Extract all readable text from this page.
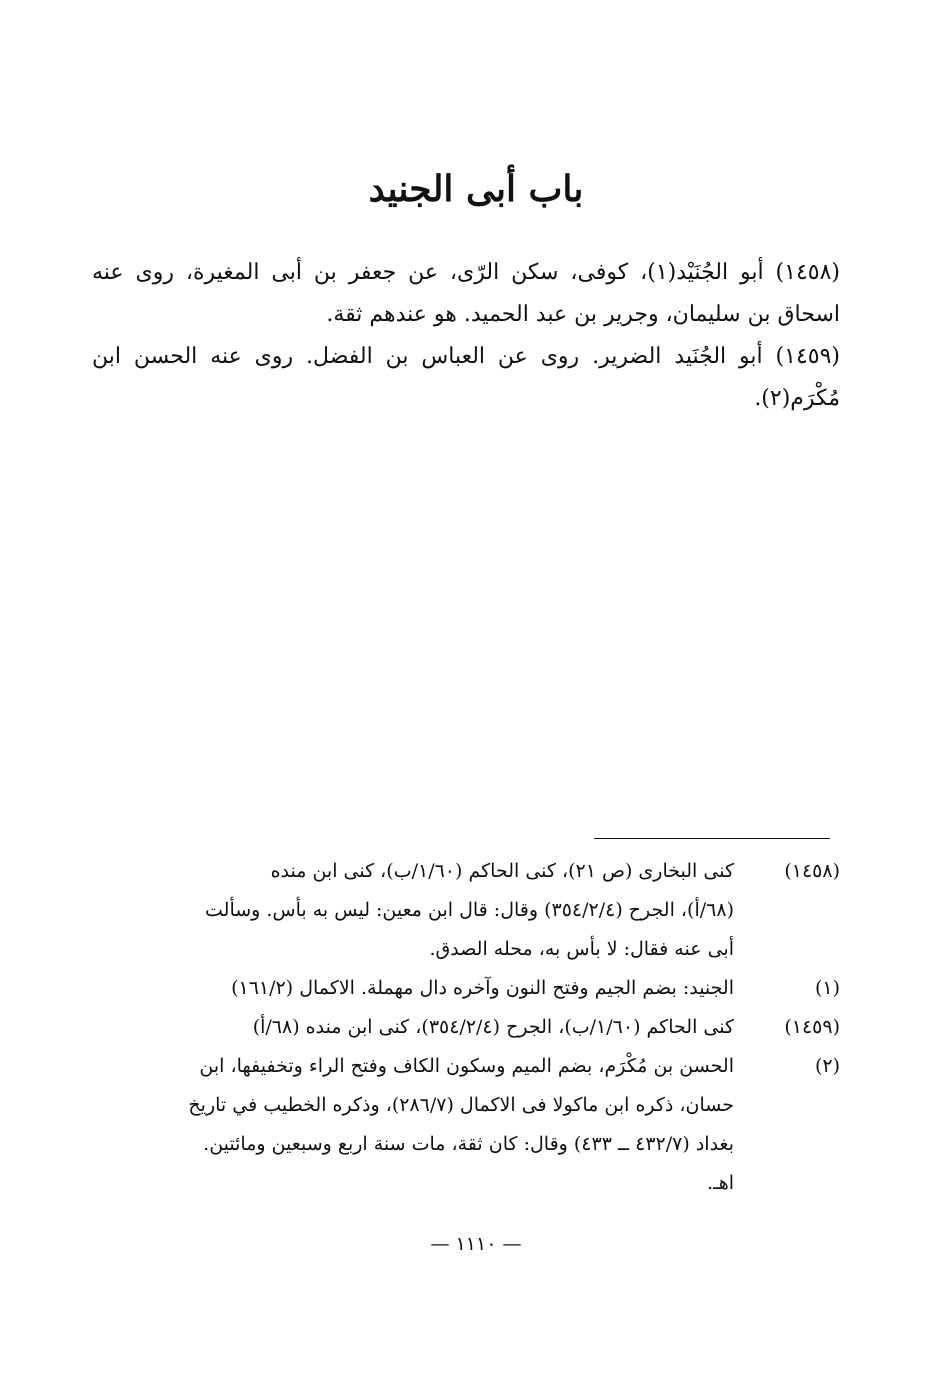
باب أبى الجنيد

(١٤٥٨) أبو الجُنَيْد(١)، كوفى، سكن الرّى، عن جعفر بن أبى المغيرة، روى عنه اسحاق بن سليمان، وجرير بن عبد الحميد. هو عندهم ثقة.

(١٤٥٩) أبو الجُنَيد الضرير. روى عن العباس بن الفضل. روى عنه الحسن ابن مُكْرَم(٢).

(١٤٥٨)
كنى البخارى (ص ٢١)، كنى الحاكم (١/٦٠/ب)، كنى ابن منده
(٦٨/أ)، الجرح (٣٥٤/٢/٤) وقال: قال ابن معين: ليس به بأس. وسألت
أبى عنه فقال: لا بأس به، محله الصدق.
(١)
الجنيد: بضم الجيم وفتح النون وآخره دال مهملة. الاكمال (١٦١/٢)
(١٤٥٩)
كنى الحاكم (١/٦٠/ب)، الجرح (٣٥٤/٢/٤)، كنى ابن منده (٦٨/أ)
(٢)
الحسن بن مُكْرَم، بضم الميم وسكون الكاف وفتح الراء وتخفيفها، ابن
حسان، ذكره ابن ماكولا فى الاكمال (٢٨٦/٧)، وذكره الخطيب في تاريخ
بغداد (٤٣٢/٧ ــ ٤٣٣) وقال: كان ثقة، مات سنة اربع وسبعين ومائتين.
اهـ.
— ١١١٠ —
